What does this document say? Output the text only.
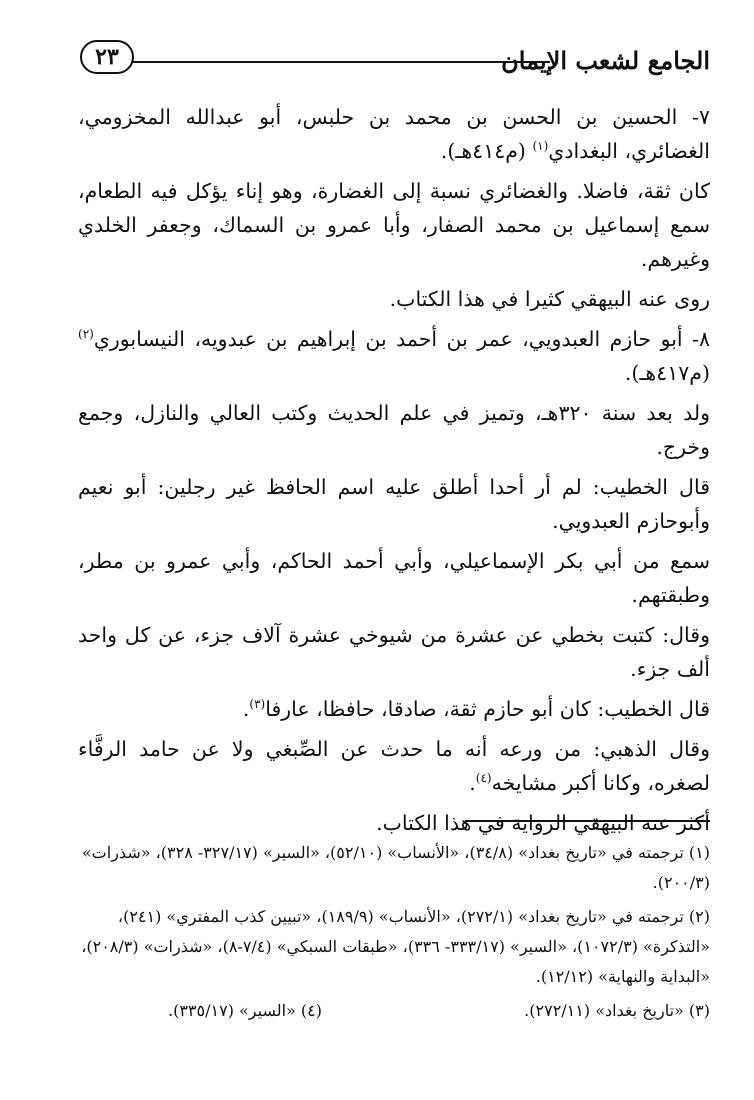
الجامع لشعب الإيمان
٢٣

٧- الحسين بن الحسن بن محمد بن حلبس، أبو عبدالله المخزومي، الغضائري، البغدادي$^{(١)}$ (م٤١٤هـ).

كان ثقة، فاضلا. والغضائري نسبة إلى الغضارة، وهو إناء يؤكل فيه الطعام، سمع إسماعيل بن محمد الصفار، وأبا عمرو بن السماك، وجعفر الخلدي وغيرهم.

روى عنه البيهقي كثيرا في هذا الكتاب.

٨- أبو حازم العبدويي، عمر بن أحمد بن إبراهيم بن عبدويه، النيسابوري$^{(٢)}$ (م٤١٧هـ).

ولد بعد سنة ٣٢٠هـ، وتميز في علم الحديث وكتب العالي والنازل، وجمع وخرج.

قال الخطيب: لم أر أحدا أطلق عليه اسم الحافظ غير رجلين: أبو نعيم وأبوحازم العبدويي.

سمع من أبي بكر الإسماعيلي، وأبي أحمد الحاكم، وأبي عمرو بن مطر، وطبقتهم.

وقال: كتبت بخطي عن عشرة من شيوخي عشرة آلاف جزء، عن كل واحد ألف جزء.

قال الخطيب: كان أبو حازم ثقة، صادقا، حافظا، عارفا$^{(٣)}$.

وقال الذهبي: من ورعه أنه ما حدث عن الصِّبغي ولا عن حامد الرفَّاء لصغره، وكانا أكبر مشايخه$^{(٤)}$.

أكثر عنه البيهقي الرواية في هذا الكتاب.

(١) ترجمته في «تاريخ بغداد» (٣٤/٨)، «الأنساب» (٥٢/١٠)، «السير» (٣٢٧/١٧- ٣٢٨)، «شذرات» (٢٠٠/٣).

(٢) ترجمته في «تاريخ بغداد» (٢٧٢/١)، «الأنساب» (١٨٩/٩)، «تبيين كذب المفتري» (٢٤١)، «التذكرة» (١٠٧٢/٣)، «السير» (٣٣٣/١٧- ٣٣٦)، «طبقات السبكي» (٧/٤-٨)، «شذرات» (٢٠٨/٣)، «البداية والنهاية» (١٢/١٢).

(٣) «تاريخ بغداد» (٢٧٢/١١).
(٤) «السير» (٣٣٥/١٧).
